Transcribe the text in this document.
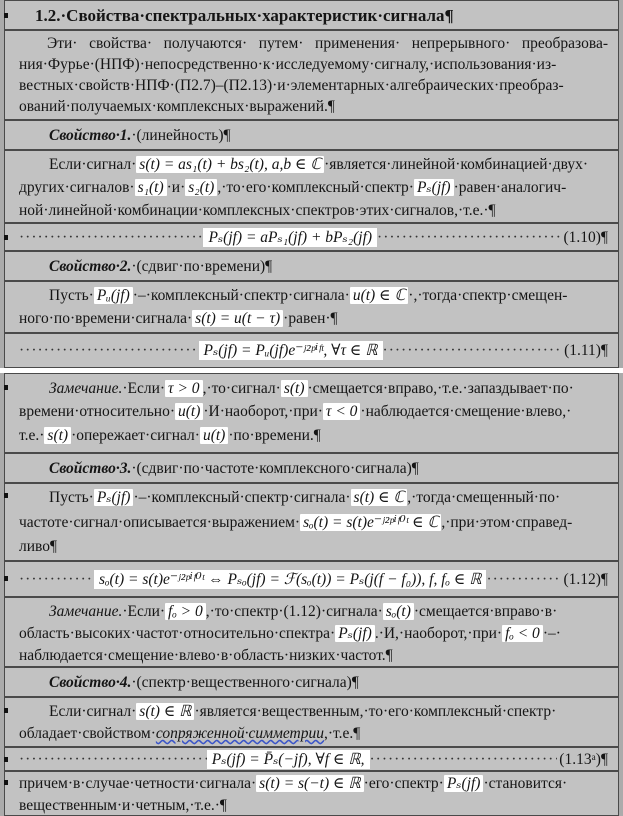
1.2.·Свойства·спектральных·характеристик·сигнала¶
Эти· свойства· получаются· путем· применения· непрерывного· преобразова-
ния·Фурье·(НПФ)·непосредственно·к·исследуемому·сигналу,·использования·из-
вестных·свойств·НПФ·(П2.7)–(П2.13)·и·элементарных·алгебраических·преобраз-
ований·получаемых·комплексных·выражений.¶
Свойство·1.·(линейность)¶
Если·сигнал· s(t) = as₁(t) + bs₂(t), a,b ∈ ℂ ·является·линейной·комбинацией·двух·
других·сигналов· s₁(t) ·и· s₂(t) ,·то·его·комплексный·спектр· Pₛ(jf) ·равен·аналогич-
ной·линейной·комбинации·комплексных·спектров·этих·сигналов,·т.е.·¶
·····
Pₛ(jf) = aPₛ₁(jf) + bPₛ₂(jf) ·····	(1.10)¶
Свойство·2.·(сдвиг·по·времени)¶
Пусть· Pᵤ(jf) ·–·комплексный·спектр·сигнала· u(t) ∈ ℂ ·,·тогда·спектр·смещен-
ного·по·времени·сигнала· s(t) = u(t − τ) ·равен·¶
·····
Pₛ(jf) = Pᵤ(jf)e⁻ʲ²ᵖⁱᶠᵗ, ∀τ ∈ ℝ ·····	(1.11)¶
Замечание.·Если· τ > 0 ,·то·сигнал· s(t) ·смещается·вправо,·т.е.·запаздывает·по·
времени·относительно· u(t) ·И·наоборот,·при· τ < 0 ·наблюдается·смещение·влево,·
т.е.· s(t) ·опережает·сигнал· u(t) ·по·времени.¶
Свойство·3.·(сдвиг·по·частоте·комплексного·сигнала)¶
Пусть· Pₛ(jf) ·–·комплексный·спектр·сигнала· s(t) ∈ ℂ ,·тогда·смещенный·по·
частоте·сигнал·описывается·выражением· sₒ(t) = s(t)e⁻ʲ²ᵖⁱᶠ⁰ᵗ ∈ ℂ ,·при·этом·справед-
ливо¶
·····
sₒ(t) = s(t)e⁻ʲ²ᵖⁱᶠ⁰ᵗ ⇔ Pₛₒ(jf) = ℱ(sₒ(t)) = Pₛ(j(f − f₀)), f, fₒ ∈ ℝ ·····	(1.12)¶
Замечание.·Если· fₒ > 0 ,·то·спектр·(1.12)·сигнала· sₒ(t) ·смещается·вправо·в·
область·высоких·частот·относительно·спектра· Pₛ(jf) .·И,·наоборот,·при· fₒ < 0 ·–·
наблюдается·смещение·влево·в·область·низких·частот.¶
Свойство·4.·(спектр·вещественного·сигнала)¶
Если·сигнал· s(t) ∈ ℝ ·является·вещественным,·то·его·комплексный·спектр·
обладает·свойством·сопряженной·симметрии,·т.е.¶
·····
Pₛ(jf) = P̄ₛ(−jf), ∀f ∈ ℝ, ·····	(1.13ᵃ)¶
причем·в·случае·четности·сигнала· s(t) = s(−t) ∈ ℝ ·его·спектр· Pₛ(jf) ·становится·
вещественным·и·четным,·т.е.·¶
